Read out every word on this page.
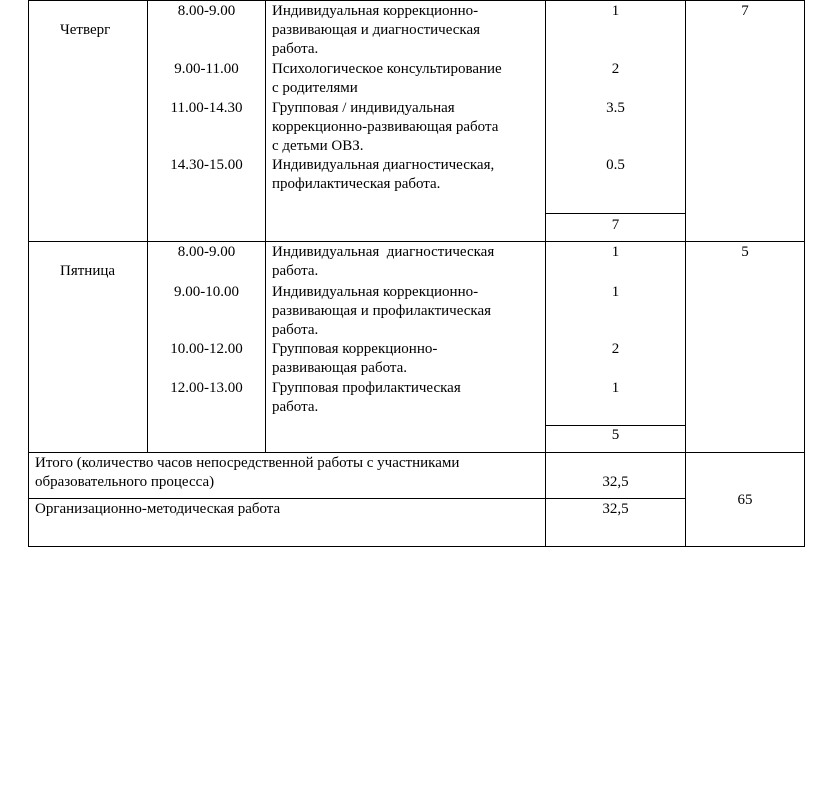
Четверг
8.00-9.00
9.00-11.00
11.00-14.30
14.30-15.00
Индивидуальная коррекционно-
развивающая и диагностическая
работа.
Психологическое консультирование
с родителями
Групповая / индивидуальная
коррекционно-развивающая работа
с детьми ОВЗ.
Индивидуальная диагностическая,
профилактическая работа.
1
2
3.5
0.5
7
7
Пятница
8.00-9.00
9.00-10.00
10.00-12.00
12.00-13.00
Индивидуальная  диагностическая
работа.
Индивидуальная коррекционно-
развивающая и профилактическая
работа.
Групповая коррекционно-
развивающая работа.
Групповая профилактическая
работа.
1
1
2
1
5
5
Итого (количество часов непосредственной работы с участниками
образовательного процесса)	32,5
Организационно-методическая работа	32,5
65
